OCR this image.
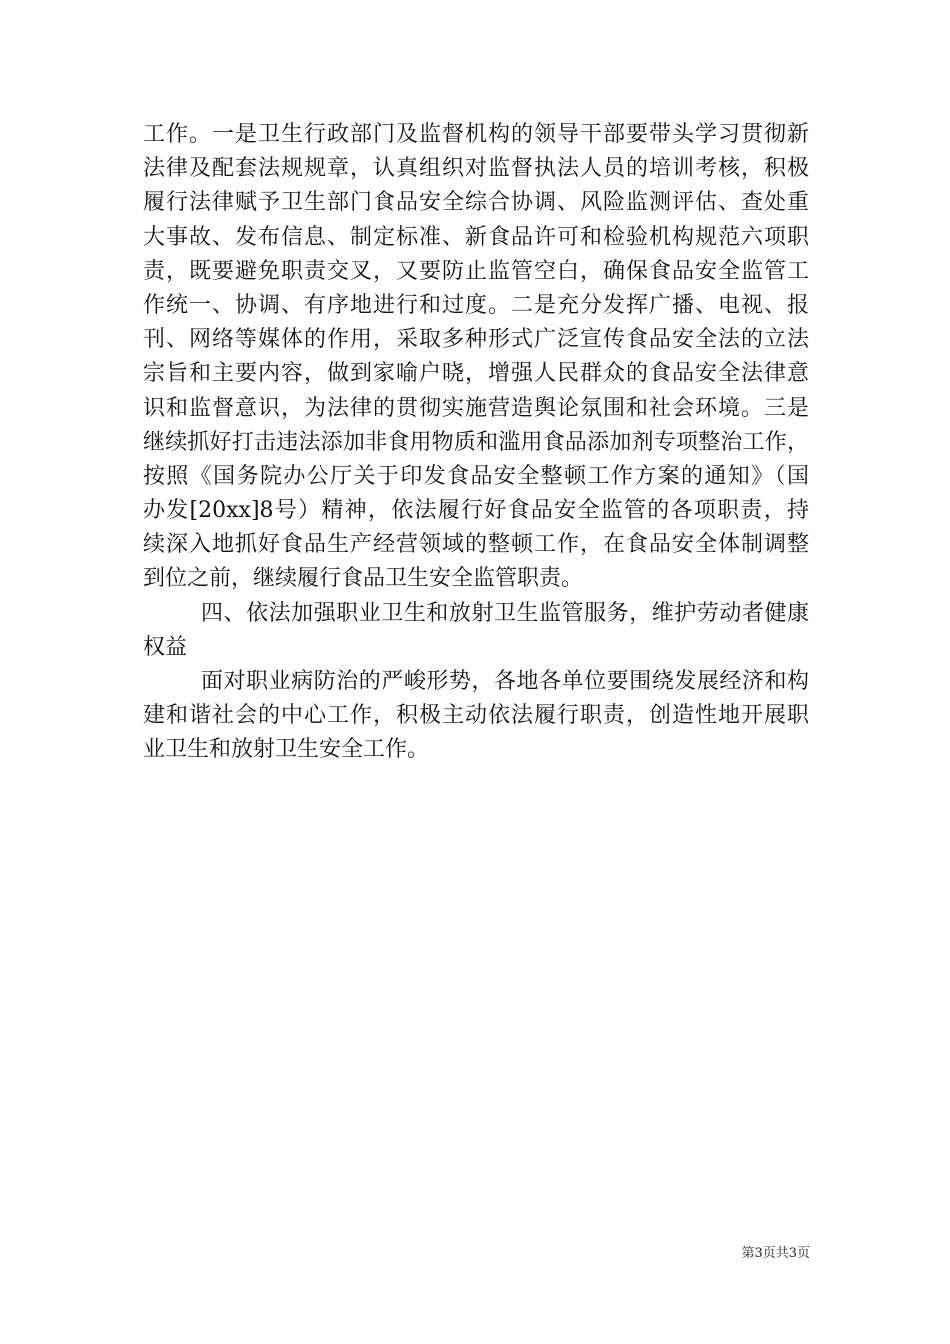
工作。一是卫生行政部门及监督机构的领导干部要带头学习贯彻新
法律及配套法规规章，认真组织对监督执法人员的培训考核，积极
履行法律赋予卫生部门食品安全综合协调、风险监测评估、查处重
大事故、发布信息、制定标准、新食品许可和检验机构规范六项职
责，既要避免职责交叉，又要防止监管空白，确保食品安全监管工
作统一、协调、有序地进行和过度。二是充分发挥广播、电视、报
刊、网络等媒体的作用，采取多种形式广泛宣传食品安全法的立法
宗旨和主要内容，做到家喻户晓，增强人民群众的食品安全法律意
识和监督意识，为法律的贯彻实施营造舆论氛围和社会环境。三是
继续抓好打击违法添加非食用物质和滥用食品添加剂专项整治工作，
按照《国务院办公厅关于印发食品安全整顿工作方案的通知》（国
办发[20xx]8号）精神，依法履行好食品安全监管的各项职责，持
续深入地抓好食品生产经营领域的整顿工作，在食品安全体制调整
到位之前，继续履行食品卫生安全监管职责。
四、依法加强职业卫生和放射卫生监管服务，维护劳动者健康
权益
面对职业病防治的严峻形势，各地各单位要围绕发展经济和构
建和谐社会的中心工作，积极主动依法履行职责，创造性地开展职
业卫生和放射卫生安全工作。
第3页共3页
